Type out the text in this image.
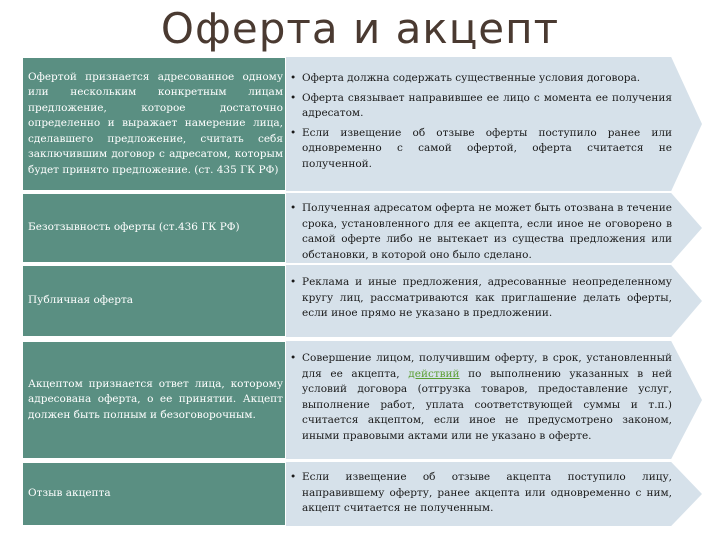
Оферта и акцепт
Офертой признается адресованное одному или нескольким конкретным лицам предложение, которое достаточно определенно и выражает намерение лица, сделавшего предложение, считать себя заключившим договор с адресатом, которым будет принято предложение. (ст. 435 ГК РФ)
• Оферта должна содержать существенные условия договора.
• Оферта связывает направившее ее лицо с момента ее получения адресатом.
• Если извещение об отзыве оферты поступило ранее или одновременно с самой офертой, оферта считается не полученной.
Безотзывность оферты (ст.436 ГК РФ)
• Полученная адресатом оферта не может быть отозвана в течение срока, установленного для ее акцепта, если иное не оговорено в самой оферте либо не вытекает из существа предложения или обстановки, в которой оно было сделано.
Публичная оферта
• Реклама и иные предложения, адресованные неопределенному кругу лиц, рассматриваются как приглашение делать оферты, если иное прямо не указано в предложении.
Акцептом признается ответ лица, которому адресована оферта, о ее принятии. Акцепт должен быть полным и безоговорочным.
• Совершение лицом, получившим оферту, в срок, установленный для ее акцепта, действий по выполнению указанных в ней условий договора (отгрузка товаров, предоставление услуг, выполнение работ, уплата соответствующей суммы и т.п.) считается акцептом, если иное не предусмотрено законом, иными правовыми актами или не указано в оферте.
Отзыв акцепта
• Если извещение об отзыве акцепта поступило лицу, направившему оферту, ранее акцепта или одновременно с ним, акцепт считается не полученным.
